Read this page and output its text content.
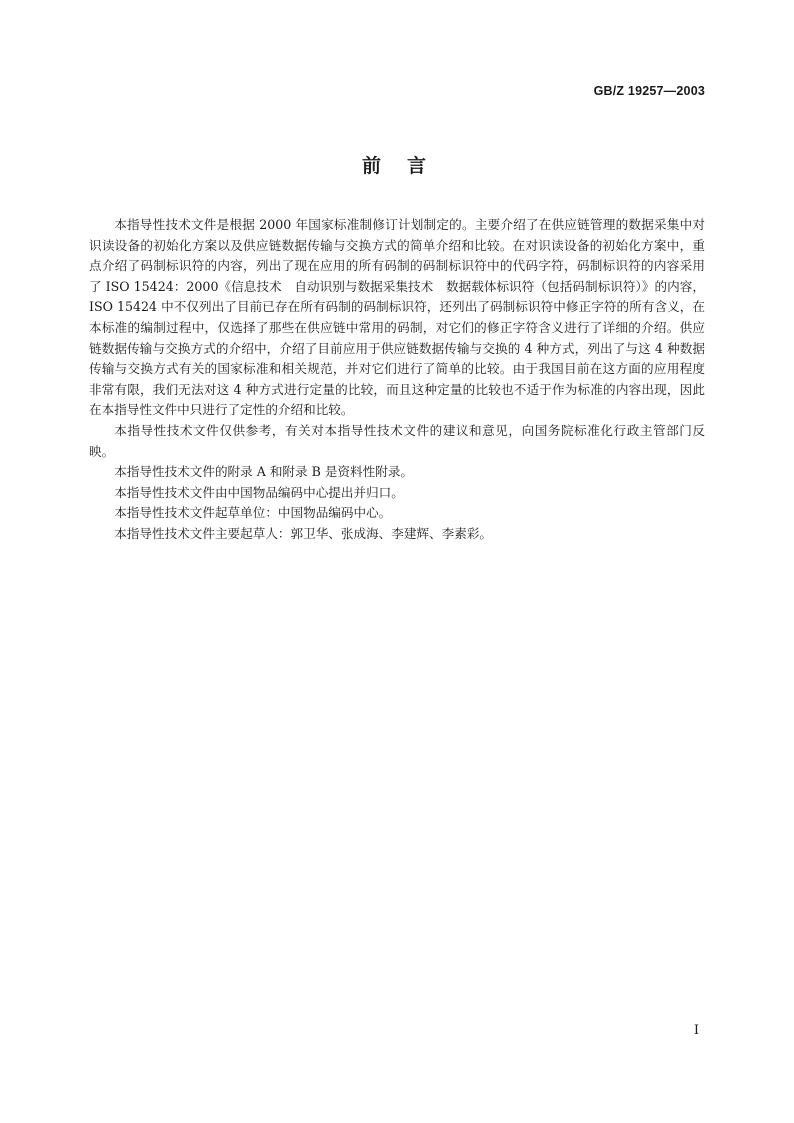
GB/Z 19257—2003
前言

本指导性技术文件是根据 2000 年国家标准制修订计划制定的。主要介绍了在供应链管理的数据采集中对识读设备的初始化方案以及供应链数据传输与交换方式的简单介绍和比较。在对识读设备的初始化方案中，重点介绍了码制标识符的内容，列出了现在应用的所有码制的码制标识符中的代码字符，码制标识符的内容采用了 ISO 15424：2000《信息技术　自动识别与数据采集技术　数据载体标识符（包括码制标识符）》的内容，ISO 15424 中不仅列出了目前已存在所有码制的码制标识符，还列出了码制标识符中修正字符的所有含义，在本标准的编制过程中，仅选择了那些在供应链中常用的码制，对它们的修正字符含义进行了详细的介绍。供应链数据传输与交换方式的介绍中，介绍了目前应用于供应链数据传输与交换的 4 种方式，列出了与这 4 种数据传输与交换方式有关的国家标准和相关规范，并对它们进行了简单的比较。由于我国目前在这方面的应用程度非常有限，我们无法对这 4 种方式进行定量的比较，而且这种定量的比较也不适于作为标准的内容出现，因此在本指导性文件中只进行了定性的介绍和比较。

本指导性技术文件仅供参考，有关对本指导性技术文件的建议和意见，向国务院标准化行政主管部门反映。

本指导性技术文件的附录 A 和附录 B 是资料性附录。

本指导性技术文件由中国物品编码中心提出并归口。

本指导性技术文件起草单位：中国物品编码中心。

本指导性技术文件主要起草人：郭卫华、张成海、李建辉、李素彩。

I
